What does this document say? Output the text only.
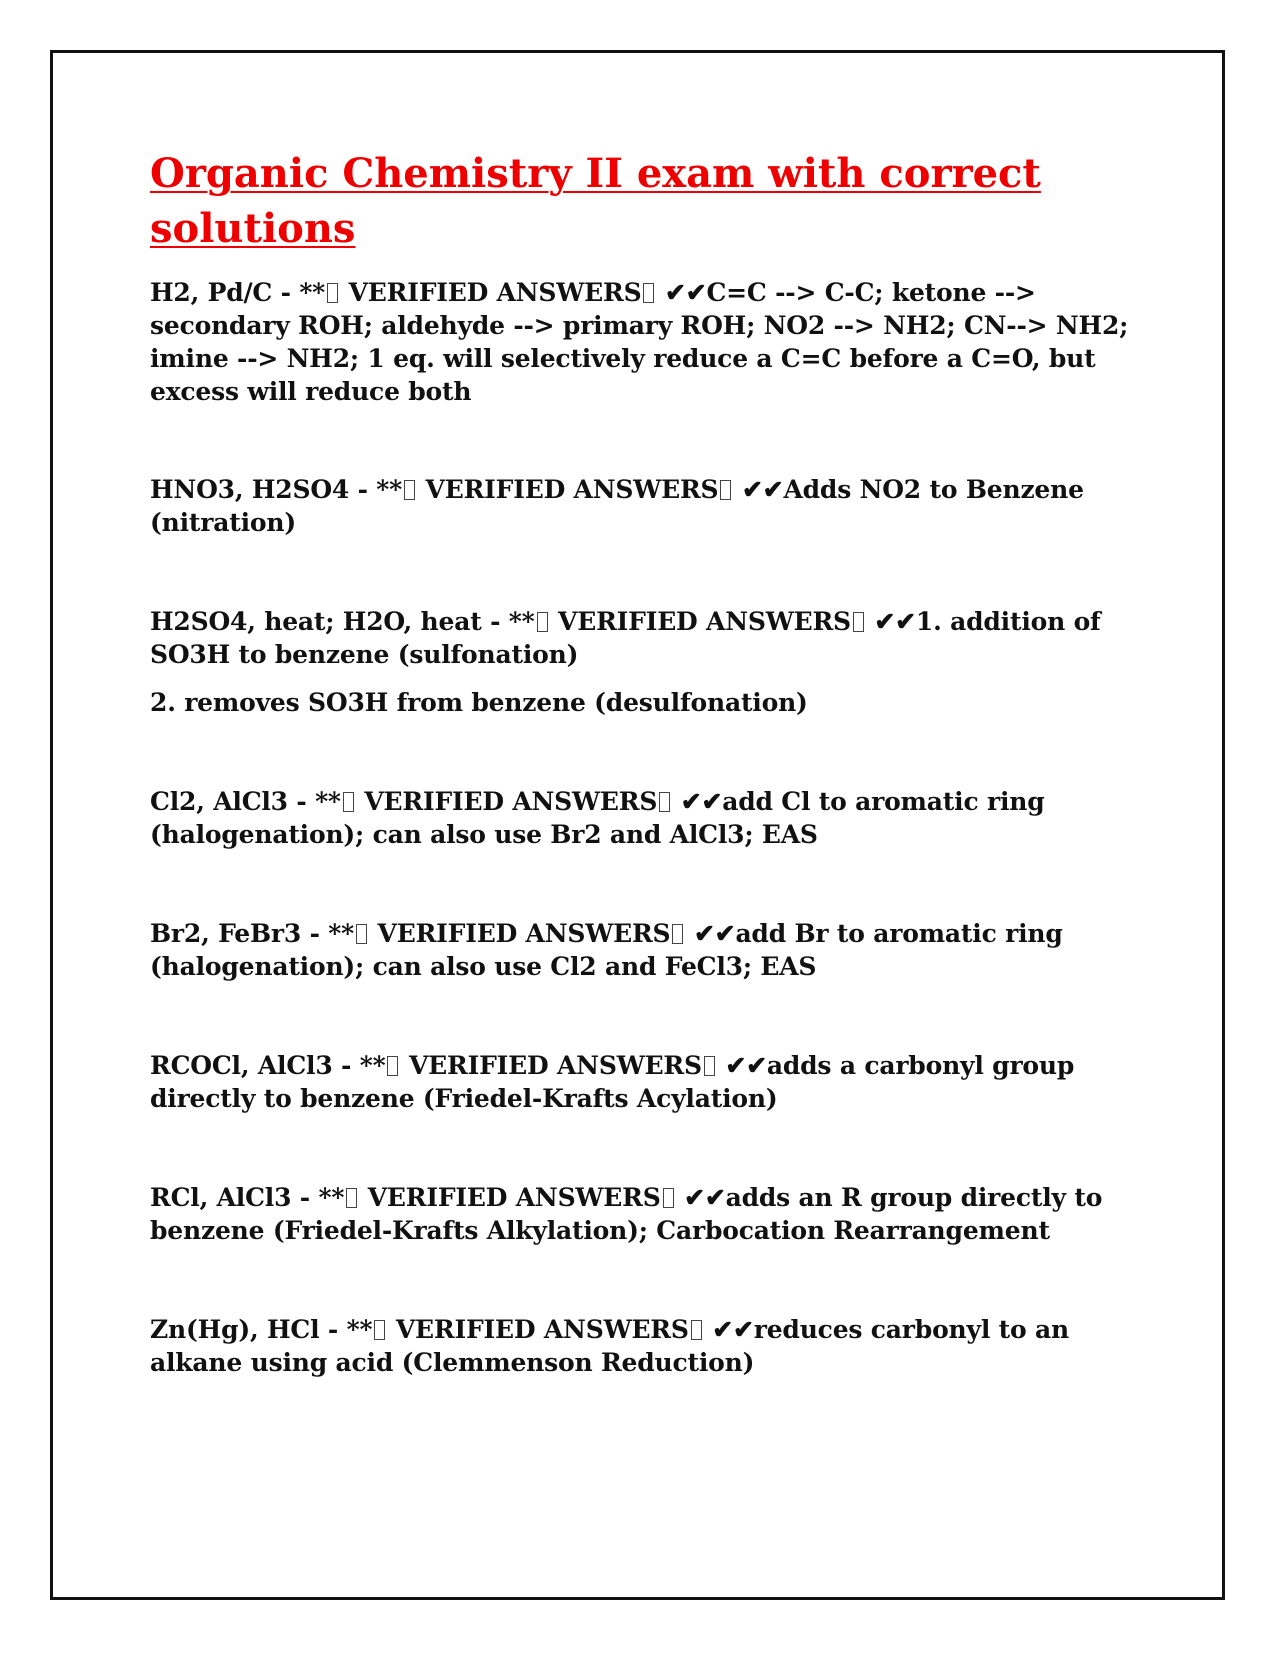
Organic Chemistry II exam with correct solutions

H2, Pd/C - ** VERIFIED ANSWERS ✔✔C=C --> C-C; ketone --> secondary ROH; aldehyde --> primary ROH; NO2 --> NH2; CN--> NH2; imine --> NH2; 1 eq. will selectively reduce a C=C before a C=O, but excess will reduce both

HNO3, H2SO4 - ** VERIFIED ANSWERS ✔✔Adds NO2 to Benzene (nitration)

H2SO4, heat; H2O, heat - ** VERIFIED ANSWERS ✔✔1. addition of SO3H to benzene (sulfonation)

2. removes SO3H from benzene (desulfonation)

Cl2, AlCl3 - ** VERIFIED ANSWERS ✔✔add Cl to aromatic ring (halogenation); can also use Br2 and AlCl3; EAS

Br2, FeBr3 - ** VERIFIED ANSWERS ✔✔add Br to aromatic ring (halogenation); can also use Cl2 and FeCl3; EAS

RCOCl, AlCl3 - ** VERIFIED ANSWERS ✔✔adds a carbonyl group directly to benzene (Friedel-Krafts Acylation)

RCl, AlCl3 - ** VERIFIED ANSWERS ✔✔adds an R group directly to benzene (Friedel-Krafts Alkylation); Carbocation Rearrangement

Zn(Hg), HCl - ** VERIFIED ANSWERS ✔✔reduces carbonyl to an alkane using acid (Clemmenson Reduction)
